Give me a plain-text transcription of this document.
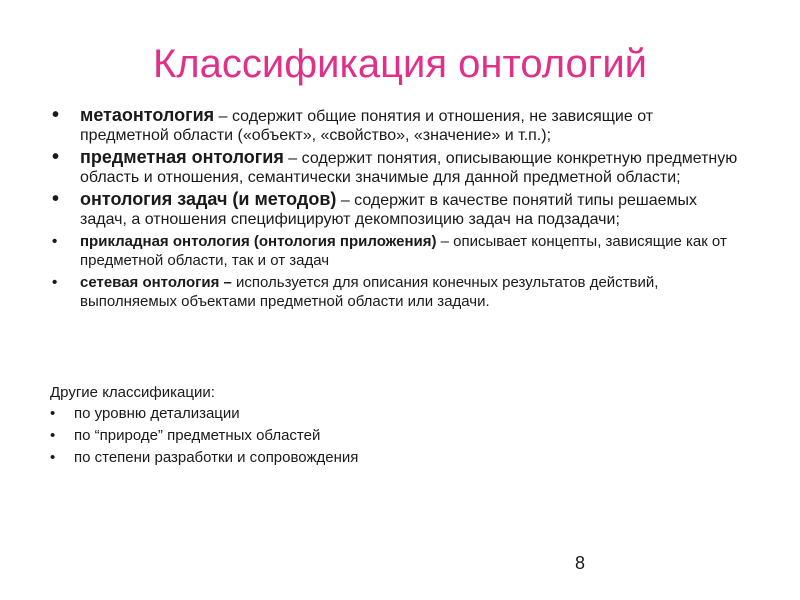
Классификация онтологий
• метаонтология – содержит общие понятия и отношения, не зависящие от предметной области («объект», «свойство», «значение» и т.п.);
• предметная онтология – содержит понятия, описывающие конкретную предметную область и отношения, семантически значимые для данной предметной области;
• онтология задач (и методов) – содержит в качестве понятий типы решаемых задач, а отношения специфицируют декомпозицию задач на подзадачи;
• прикладная онтология (онтология приложения) – описывает концепты, зависящие как от предметной области, так и от задач
• сетевая онтология – используется для описания конечных результатов действий, выполняемых объектами предметной области или задачи.
Другие классификации:
• по уровню детализации
• по “природе” предметных областей
• по степени разработки и сопровождения
8
